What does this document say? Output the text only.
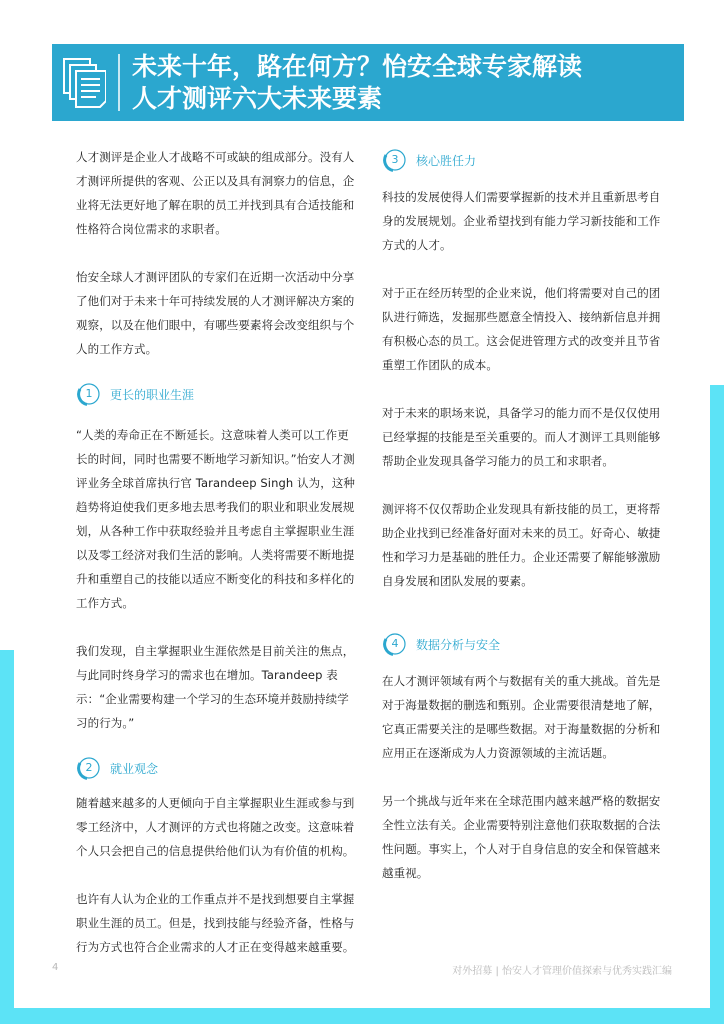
未来十年，路在何方？怡安全球专家解读
人才测评六大未来要素

人才测评是企业人才战略不可或缺的组成部分。没有人才测评所提供的客观、公正以及具有洞察力的信息，企业将无法更好地了解在职的员工并找到具有合适技能和性格符合岗位需求的求职者。

怡安全球人才测评团队的专家们在近期一次活动中分享了他们对于未来十年可持续发展的人才测评解决方案的观察，以及在他们眼中，有哪些要素将会改变组织与个人的工作方式。

1	更长的职业生涯

“人类的寿命正在不断延长。这意味着人类可以工作更长的时间，同时也需要不断地学习新知识。”怡安人才测评业务全球首席执行官 Tarandeep Singh 认为，这种趋势将迫使我们更多地去思考我们的职业和职业发展规划，从各种工作中获取经验并且考虑自主掌握职业生涯以及零工经济对我们生活的影响。人类将需要不断地提升和重塑自己的技能以适应不断变化的科技和多样化的工作方式。

我们发现，自主掌握职业生涯依然是目前关注的焦点，与此同时终身学习的需求也在增加。Tarandeep 表示：“企业需要构建一个学习的生态环境并鼓励持续学习的行为。”

2	就业观念

随着越来越多的人更倾向于自主掌握职业生涯或参与到零工经济中，人才测评的方式也将随之改变。这意味着个人只会把自己的信息提供给他们认为有价值的机构。

也许有人认为企业的工作重点并不是找到想要自主掌握职业生涯的员工。但是，找到技能与经验齐备，性格与行为方式也符合企业需求的人才正在变得越来越重要。

3	核心胜任力

科技的发展使得人们需要掌握新的技术并且重新思考自身的发展规划。企业希望找到有能力学习新技能和工作方式的人才。

对于正在经历转型的企业来说，他们将需要对自己的团队进行筛选，发掘那些愿意全情投入、接纳新信息并拥有积极心态的员工。这会促进管理方式的改变并且节省重塑工作团队的成本。

对于未来的职场来说，具备学习的能力而不是仅仅使用已经掌握的技能是至关重要的。而人才测评工具则能够帮助企业发现具备学习能力的员工和求职者。

测评将不仅仅帮助企业发现具有新技能的员工，更将帮助企业找到已经准备好面对未来的员工。好奇心、敏捷性和学习力是基础的胜任力。企业还需要了解能够激励自身发展和团队发展的要素。

4	数据分析与安全

在人才测评领域有两个与数据有关的重大挑战。首先是对于海量数据的删选和甄别。企业需要很清楚地了解，它真正需要关注的是哪些数据。对于海量数据的分析和应用正在逐渐成为人力资源领域的主流话题。

另一个挑战与近年来在全球范围内越来越严格的数据安全性立法有关。企业需要特别注意他们获取数据的合法性问题。事实上，个人对于自身信息的安全和保管越来越重视。

4	对外招募 | 怡安人才管理价值探索与优秀实践汇编
